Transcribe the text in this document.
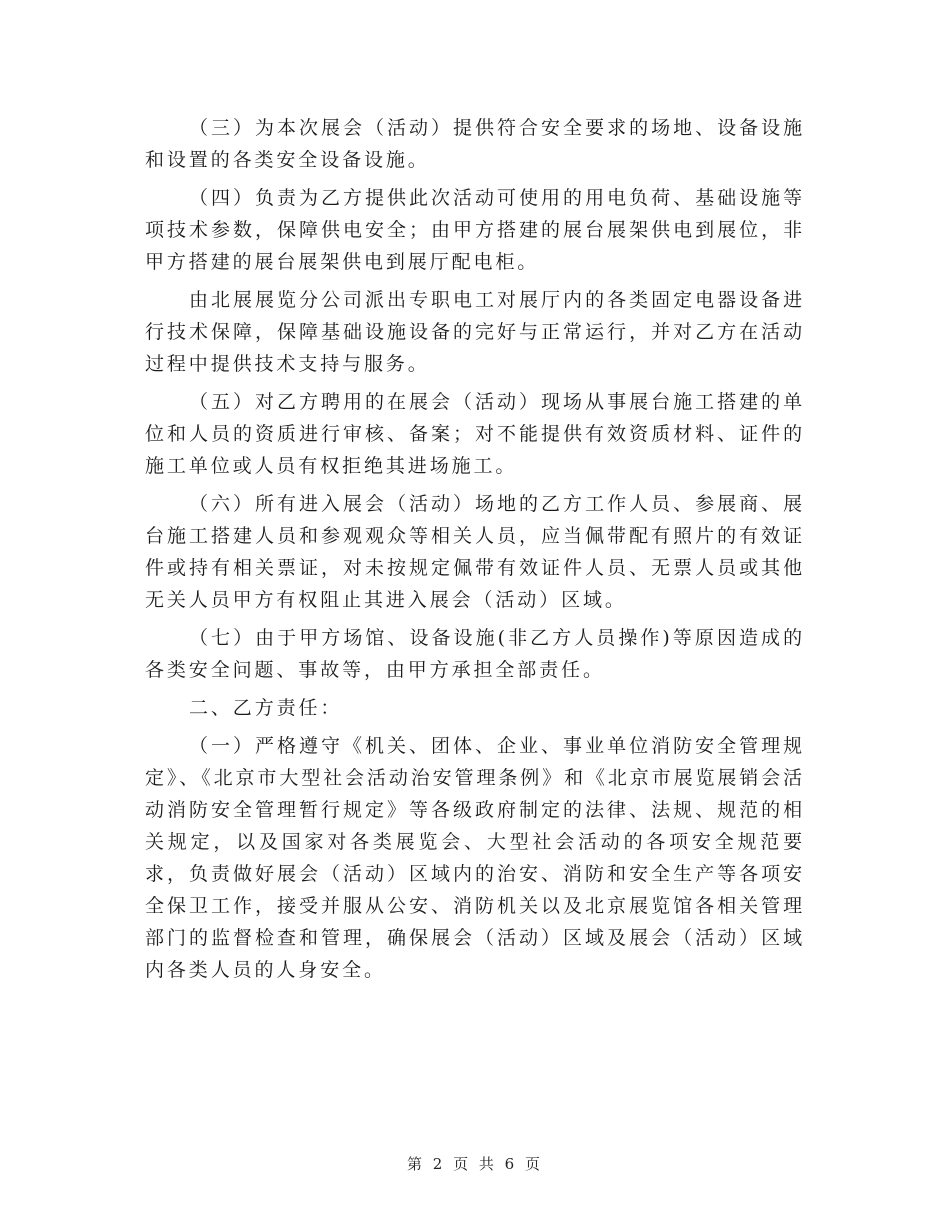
（三）为本次展会（活动）提供符合安全要求的场地、设备设施和设置的各类安全设备设施。

（四）负责为乙方提供此次活动可使用的用电负荷、基础设施等项技术参数，保障供电安全；由甲方搭建的展台展架供电到展位，非甲方搭建的展台展架供电到展厅配电柜。

由北展展览分公司派出专职电工对展厅内的各类固定电器设备进行技术保障，保障基础设施设备的完好与正常运行，并对乙方在活动过程中提供技术支持与服务。

（五）对乙方聘用的在展会（活动）现场从事展台施工搭建的单位和人员的资质进行审核、备案；对不能提供有效资质材料、证件的施工单位或人员有权拒绝其进场施工。

（六）所有进入展会（活动）场地的乙方工作人员、参展商、展台施工搭建人员和参观观众等相关人员，应当佩带配有照片的有效证件或持有相关票证，对未按规定佩带有效证件人员、无票人员或其他无关人员甲方有权阻止其进入展会（活动）区域。

（七）由于甲方场馆、设备设施(非乙方人员操作)等原因造成的各类安全问题、事故等，由甲方承担全部责任。

二、乙方责任：

（一）严格遵守《机关、团体、企业、事业单位消防安全管理规定》、《北京市大型社会活动治安管理条例》和《北京市展览展销会活动消防安全管理暂行规定》等各级政府制定的法律、法规、规范的相关规定，以及国家对各类展览会、大型社会活动的各项安全规范要求，负责做好展会（活动）区域内的治安、消防和安全生产等各项安全保卫工作，接受并服从公安、消防机关以及北京展览馆各相关管理部门的监督检查和管理，确保展会（活动）区域及展会（活动）区域内各类人员的人身安全。

第 2 页 共 6 页
